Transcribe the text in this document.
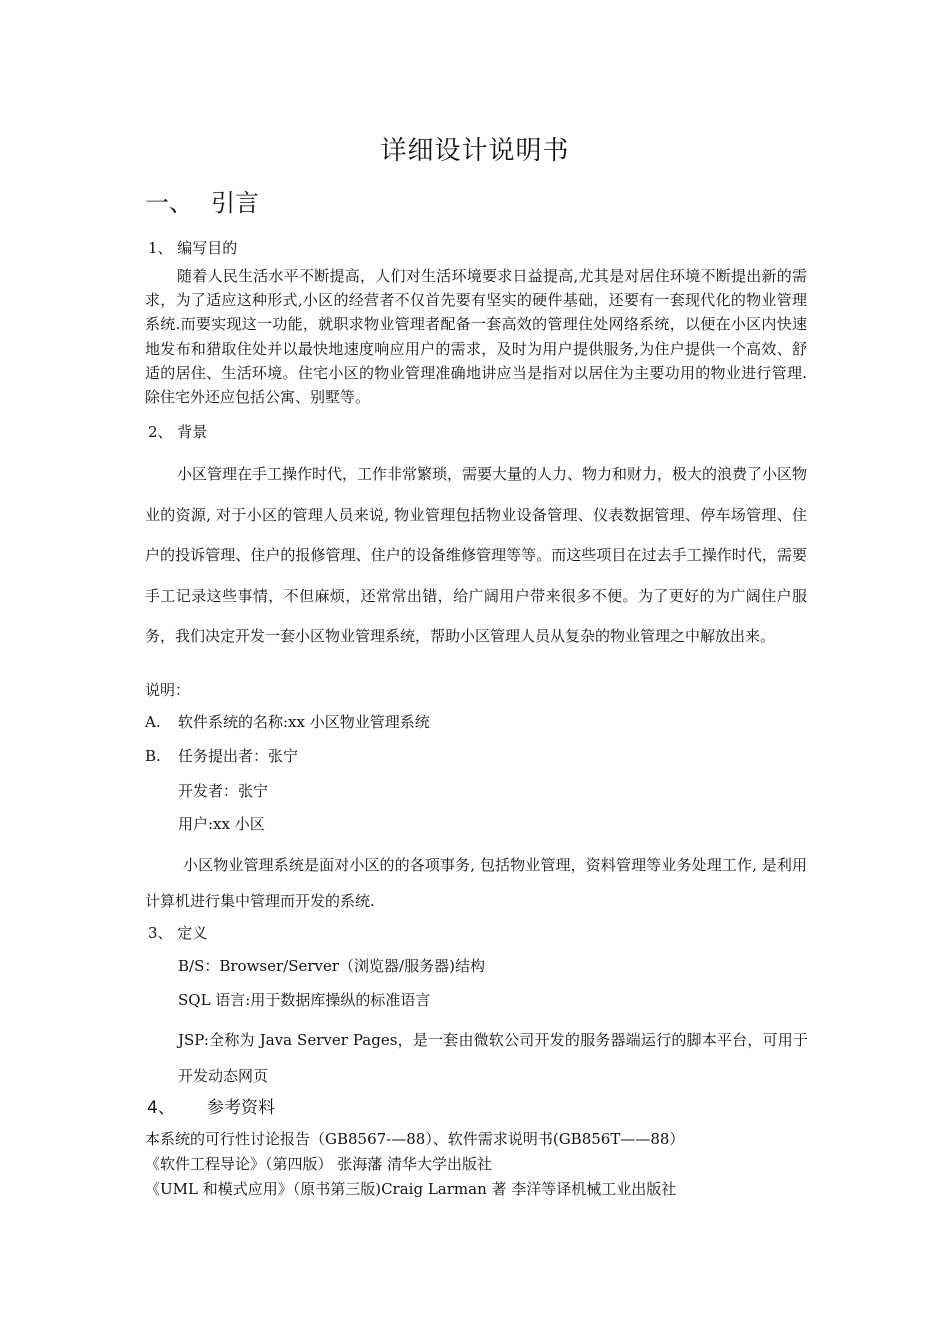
详细设计说明书
一、 引言
1、 编写目的
随着人民生活水平不断提高，人们对生活环境要求日益提高,尤其是对居住环境不断提出新的需求，为了适应这种形式,小区的经营者不仅首先要有坚实的硬件基础，还要有一套现代化的物业管理系统.而要实现这一功能，就职求物业管理者配备一套高效的管理住处网络系统，以便在小区内快速地发布和猎取住处并以最快地速度响应用户的需求，及时为用户提供服务,为住户提供一个高效、舒适的居住、生活环境。住宅小区的物业管理准确地讲应当是指对以居住为主要功用的物业进行管理.除住宅外还应包括公寓、别墅等。
2、 背景
小区管理在手工操作时代，工作非常繁琐，需要大量的人力、物力和财力，极大的浪费了小区物业的资源, 对于小区的管理人员来说, 物业管理包括物业设备管理、仪表数据管理、停车场管理、住户的投诉管理、住户的报修管理、住户的设备维修管理等等。而这些项目在过去手工操作时代，需要手工记录这些事情，不但麻烦，还常常出错，给广阔用户带来很多不便。为了更好的为广阔住户服务，我们决定开发一套小区物业管理系统，帮助小区管理人员从复杂的物业管理之中解放出来。
说明：
A. 软件系统的名称:xx 小区物业管理系统
B. 任务提出者：张宁
开发者：张宁
用户:xx 小区
小区物业管理系统是面对小区的的各项事务, 包括物业管理，资料管理等业务处理工作, 是利用计算机进行集中管理而开发的系统.
3、 定义
B/S：Browser/Server（浏览器/服务器)结构
SQL 语言:用于数据库操纵的标准语言
JSP:全称为 Java Server Pages，是一套由微软公司开发的服务器端运行的脚本平台，可用于开发动态网页
4、 参考资料
本系统的可行性讨论报告（GB8567-—88）、软件需求说明书(GB856T——88）
《软件工程导论》（第四版） 张海藩 清华大学出版社
《UML 和模式应用》（原书第三版)Craig Larman 著 李洋等译机械工业出版社
